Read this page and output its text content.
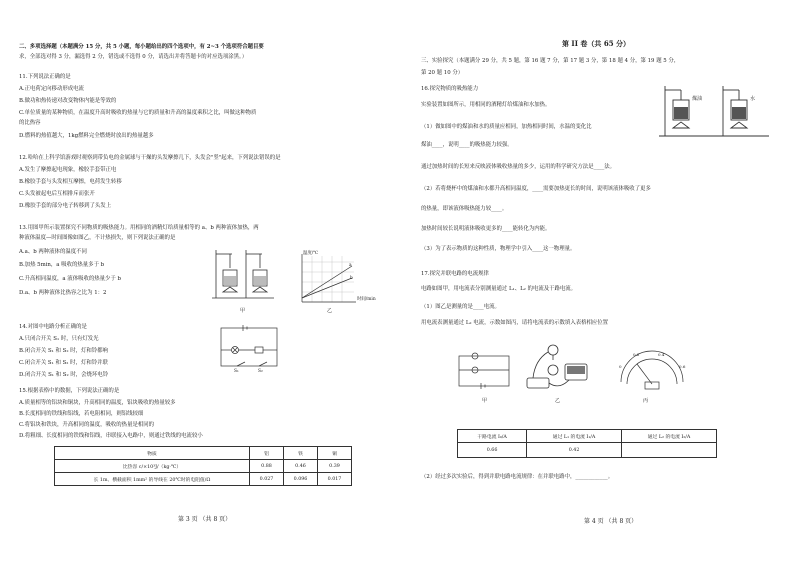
二、多项选择题（本题满分 15 分，共 5 小题，每小题给出的四个选项中，有 2~3 个选项符合题目要
求，全部选对得 3 分，漏选得 2 分，错选或不选得 0 分，请选出并将答题卡的对应选项涂黑。）
11.下列说法正确的是
A.正电荷定向移动形成电流
B.做功和热传递对改变物体内能是等效的
C.单位质量的某种物质，在温度升高时吸收的热量与它的质量和升高的温度乘积之比，叫做这种物质
的比热容
D.燃料的热值越大，1kg燃料完全燃烧时放出的热量越多
12.哈哈在上科学馆游戏时观察到带负电的金属球与干燥的头发摩擦几下，头发会"竖"起来，下列说法错误的是
A.发生了摩擦起电现象，橡胶手套带正电
B.橡胶手套与头发相互摩擦，电荷发生转移
C.头发被起电后互相排斥而张开
D.橡胶手套的部分电子转移到了头发上
13.用图甲所示装置探究不同物质的吸热能力。用相同的酒精灯给质量相等的 a、b 两种液体加热，两
种液体温度—时间图像如图乙，不计热损失，则下列说法正确的是
A.a、b 两种液体的温度不同
B.加热 5min，a 吸收的热量多于 b
C.升高相同温度，a 液体吸收的热量少于 b
D.a、b 两种液体比热容之比为 1：2
甲
温度/℃
时间/min
a
b
乙
14.对图中电路分析正确的是
A.只闭合开关 S₁ 时，只有灯发光
B.闭合开关 S₁ 和 S₂ 时，灯和铃都响
C.闭合开关 S₁ 和 S₂ 时，灯和铃并联
D.闭合开关 S₁ 和 S₂ 时，会烧坏电铃
S₁	S₂
15.根据表格中的数据，下列说法正确的是
A.质量相等的铝块和铜块，升高相同的温度，铝块吸收的热量较多
B.长度相同的铁线和铝线，若电阻相同，则铝线较细
C.将铝块和铁块，升高相同的温度，吸收的热量是相同的
D.将粗细、长度相同的铁线和铝线，串联接入电路中，则通过铁线的电流较小
物质	铝	铁	铜
比热容 c/×10³J/（kg·℃）	0.88	0.46	0.39
长 1m、横截面积 1mm² 的导线在 20℃时的电阻值/Ω	0.027	0.096	0.017
第 3 页 （共 8 页）
第 II 卷（共 65 分）
三、实验探究（本题满分 29 分，共 5 题，第 16 题 7 分，第 17 题 3 分，第 18 题 4 分，第 19 题 5 分，
第 20 题 10 分）
16.探究物质的吸热能力
实验装置如图所示，用相同的酒精灯给煤油和水加热。
（1）做如图中的煤油和水的质量应相同，加热相同时间，水温的变化比
煤油____，说明____的吸热能力较强。
通过加热时间的长短来反映液体吸收热量的多少，运用的科学研究方法是____法。
（2）若将烧杯中的煤油和水都升高相同温度，____需要加热更长的时间，说明该液体吸收了更多
的热量，即该液体吸热能力较____。
加热时间较长说明液体吸收更多的____能转化为内能。
（3）为了表示物质的这种性质，物理学中引入____这一物理量。
煤油	水
17.探究并联电路的电流规律
电路如图甲，用电流表分别测量通过 L₁、L₂ 的电流及干路电流。
（1）图乙是测量的是____电流。
用电流表测量通过 L₂ 电流，示数如图丙，请将电流表的示数填入表格相应位置
甲	乙
0
0.2	0.4
0.6
丙
干路电流 I₀/A	通过 L₁ 的电流 I₁/A	通过 L₂ 的电流 I₂/A
0.66	0.42	
（2）经过多次实验后，得到并联电路电流规律：在并联电路中，____________。
第 4 页 （共 8 页）
